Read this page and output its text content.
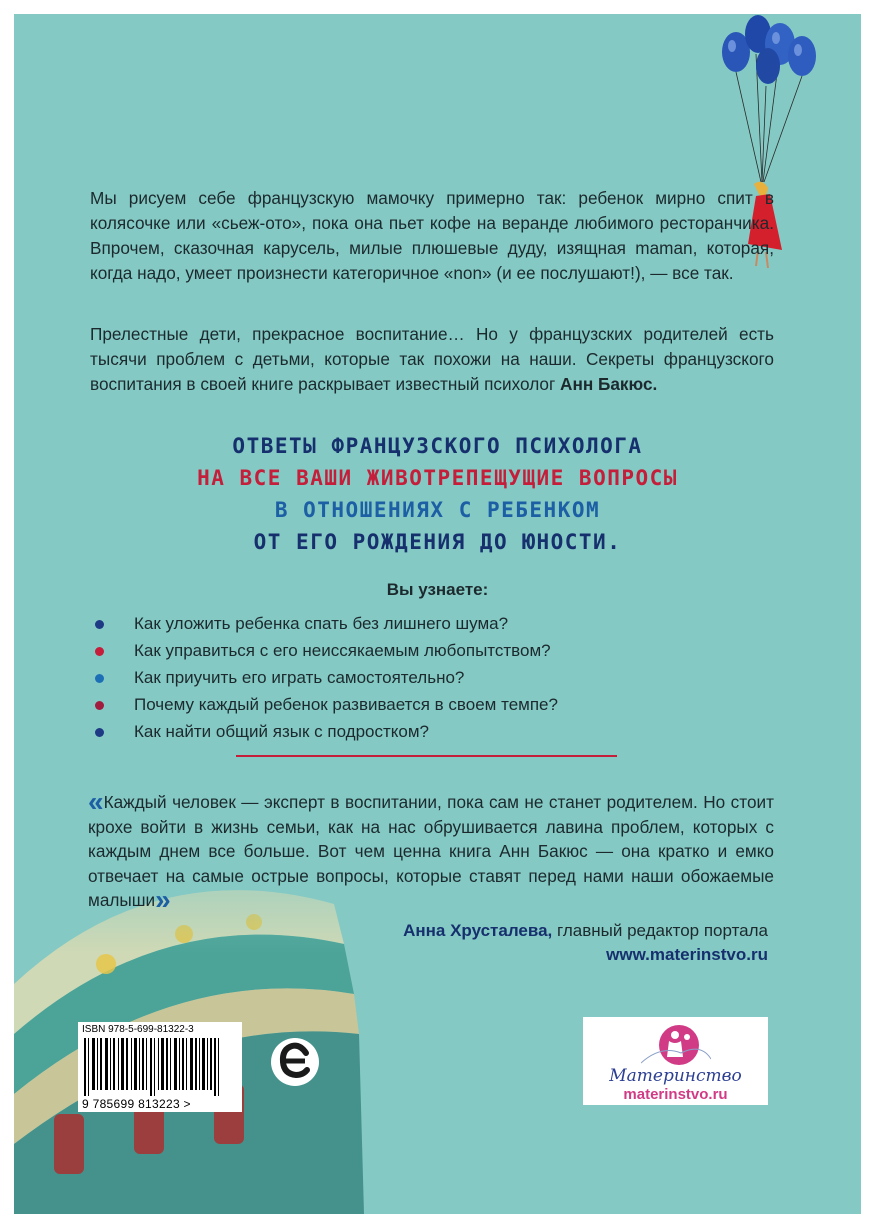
Мы рисуем себе французскую мамочку примерно так: ребенок мирно спит в колясочке или «сьеж-ото», пока она пьет кофе на веранде любимого ресторанчика. Впрочем, сказочная карусель, милые плюшевые дуду, изящная maman, которая, когда надо, умеет произнести категоричное «non» (и ее послушают!), — все так.

Прелестные дети, прекрасное воспитание… Но у французских родителей есть тысячи проблем с детьми, которые так похожи на наши. Секреты французского воспитания в своей книге раскрывает известный психолог Анн Бакюс.

ОТВЕТЫ ФРАНЦУЗСКОГО ПСИХОЛОГА

НА ВСЕ ВАШИ ЖИВОТРЕПЕЩУЩИЕ ВОПРОСЫ

В ОТНОШЕНИЯХ С РЕБЕНКОМ

ОТ ЕГО РОЖДЕНИЯ ДО ЮНОСТИ.

Вы узнаете:

Как уложить ребенка спать без лишнего шума?
Как управиться с его неиссякаемым любопытством?
Как приучить его играть самостоятельно?
Почему каждый ребенок развивается в своем темпе?
Как найти общий язык с подростком?

«Каждый человек — эксперт в воспитании, пока сам не станет родителем. Но стоит крохе войти в жизнь семьи, как на нас обрушивается лавина проблем, которых с каждым днем все больше. Вот чем ценна книга Анн Бакюс — она кратко и емко отвечает на самые острые вопросы, которые ставят перед нами наши обожаемые малыши»

Анна Хрусталева, главный редактор портала
www.materinstvo.ru

ISBN 978-5-699-81322-3

9 785699 813223 >

Материнство

materinstvo.ru
